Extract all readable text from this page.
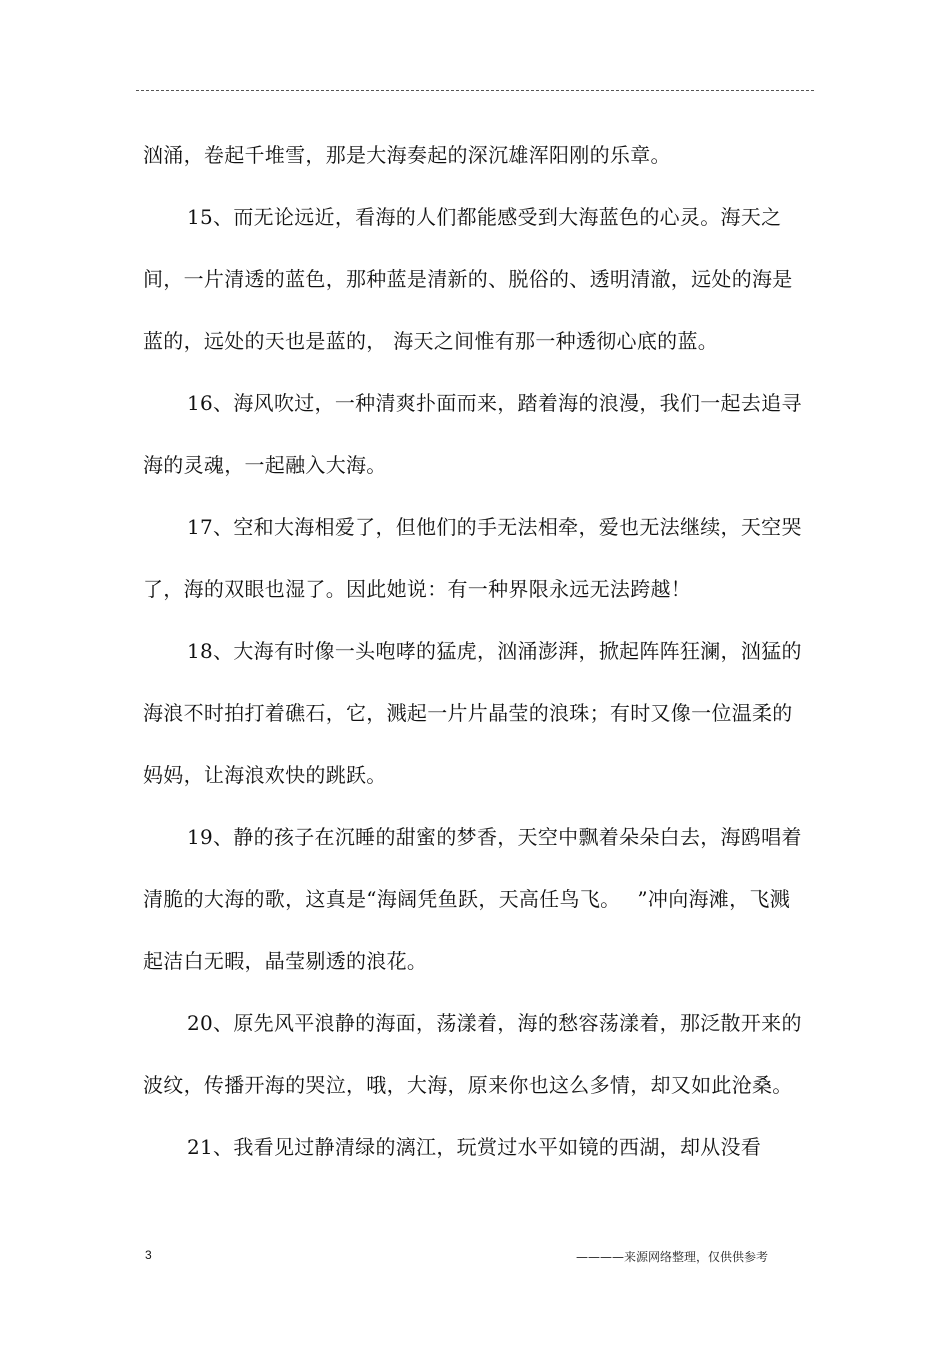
汹涌，卷起千堆雪，那是大海奏起的深沉雄浑阳刚的乐章。

15、而无论远近，看海的人们都能感受到大海蓝色的心灵。海天之间，一片清透的蓝色，那种蓝是清新的、脱俗的、透明清澈，远处的海是蓝的，远处的天也是蓝的， 海天之间惟有那一种透彻心底的蓝。

16、海风吹过，一种清爽扑面而来，踏着海的浪漫，我们一起去追寻海的灵魂，一起融入大海。

17、空和大海相爱了，但他们的手无法相牵，爱也无法继续，天空哭了，海的双眼也湿了。因此她说：有一种界限永远无法跨越！

18、大海有时像一头咆哮的猛虎，汹涌澎湃，掀起阵阵狂澜，汹猛的海浪不时拍打着礁石，它，溅起一片片晶莹的浪珠；有时又像一位温柔的妈妈，让海浪欢快的跳跃。

19、静的孩子在沉睡的甜蜜的梦香，天空中飘着朵朵白去，海鸥唱着清脆的大海的歌，这真是“海阔凭鱼跃，天高任鸟飞。　 ”冲向海滩，飞溅起洁白无暇，晶莹剔透的浪花。

20、原先风平浪静的海面，荡漾着，海的愁容荡漾着，那泛散开来的波纹，传播开海的哭泣，哦，大海，原来你也这么多情，却又如此沧桑。

21、我看见过静清绿的漓江，玩赏过水平如镜的西湖，却从没看

3	————来源网络整理，仅供供参考
